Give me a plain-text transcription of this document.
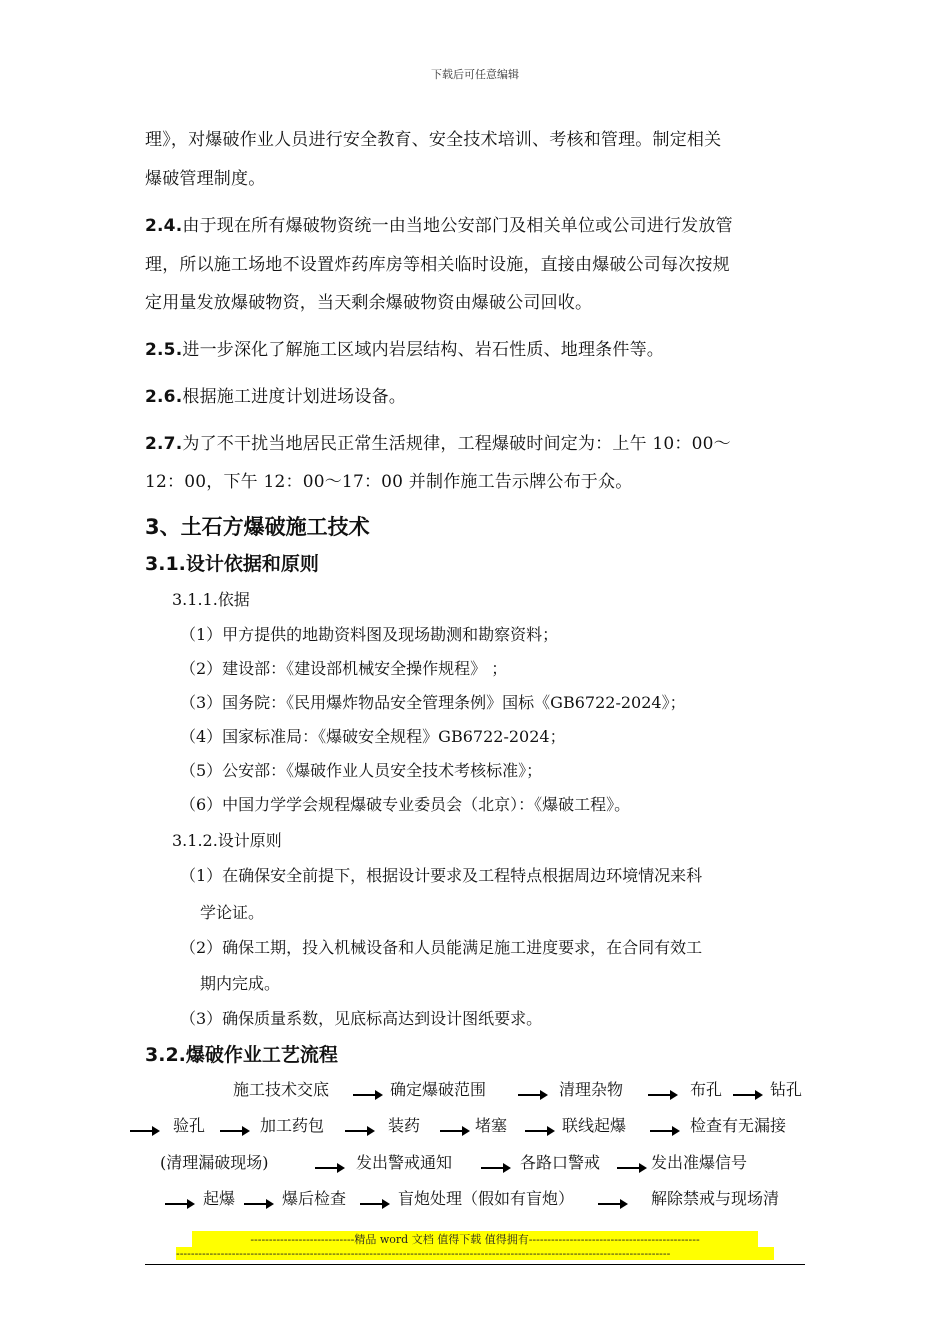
下载后可任意编辑
理》，对爆破作业人员进行安全教育、安全技术培训、考核和管理。制定相关
爆破管理制度。
2.4.由于现在所有爆破物资统一由当地公安部门及相关单位或公司进行发放管
理，所以施工场地不设置炸药库房等相关临时设施，直接由爆破公司每次按规
定用量发放爆破物资，当天剩余爆破物资由爆破公司回收。
2.5.进一步深化了解施工区域内岩层结构、岩石性质、地理条件等。
2.6.根据施工进度计划进场设备。
2.7.为了不干扰当地居民正常生活规律，工程爆破时间定为：上午 10：00～
12：00，下午 12：00～17：00 并制作施工告示牌公布于众。
3、土石方爆破施工技术
3.1.设计依据和原则
3.1.1.依据
（1）甲方提供的地勘资料图及现场勘测和勘察资料；
（2）建设部：《建设部机械安全操作规程》 ；
（3）国务院：《民用爆炸物品安全管理条例》国标《GB6722-2024》；
（4）国家标准局：《爆破安全规程》GB6722-2024；
（5）公安部：《爆破作业人员安全技术考核标准》；
（6）中国力学学会规程爆破专业委员会（北京）：《爆破工程》。
3.1.2.设计原则
（1）在确保安全前提下，根据设计要求及工程特点根据周边环境情况来科
学论证。
（2）确保工期，投入机械设备和人员能满足施工进度要求，在合同有效工
期内完成。
（3）确保质量系数，见底标高达到设计图纸要求。
3.2.爆破作业工艺流程
施工技术交底	确定爆破范围	清理杂物	布孔	钻孔
验孔	加工药包	装药	堵塞	联线起爆	检查有无漏接
(清理漏破现场)	发出警戒通知	各路口警戒	发出准爆信号
起爆	爆后检查	盲炮处理（假如有盲炮）	解除禁戒与现场清
----------------------------精品 word 文档 值得下载 值得拥有----------------------------------------------
-------------------------------------------------------------------------------------------------------------------------------------
